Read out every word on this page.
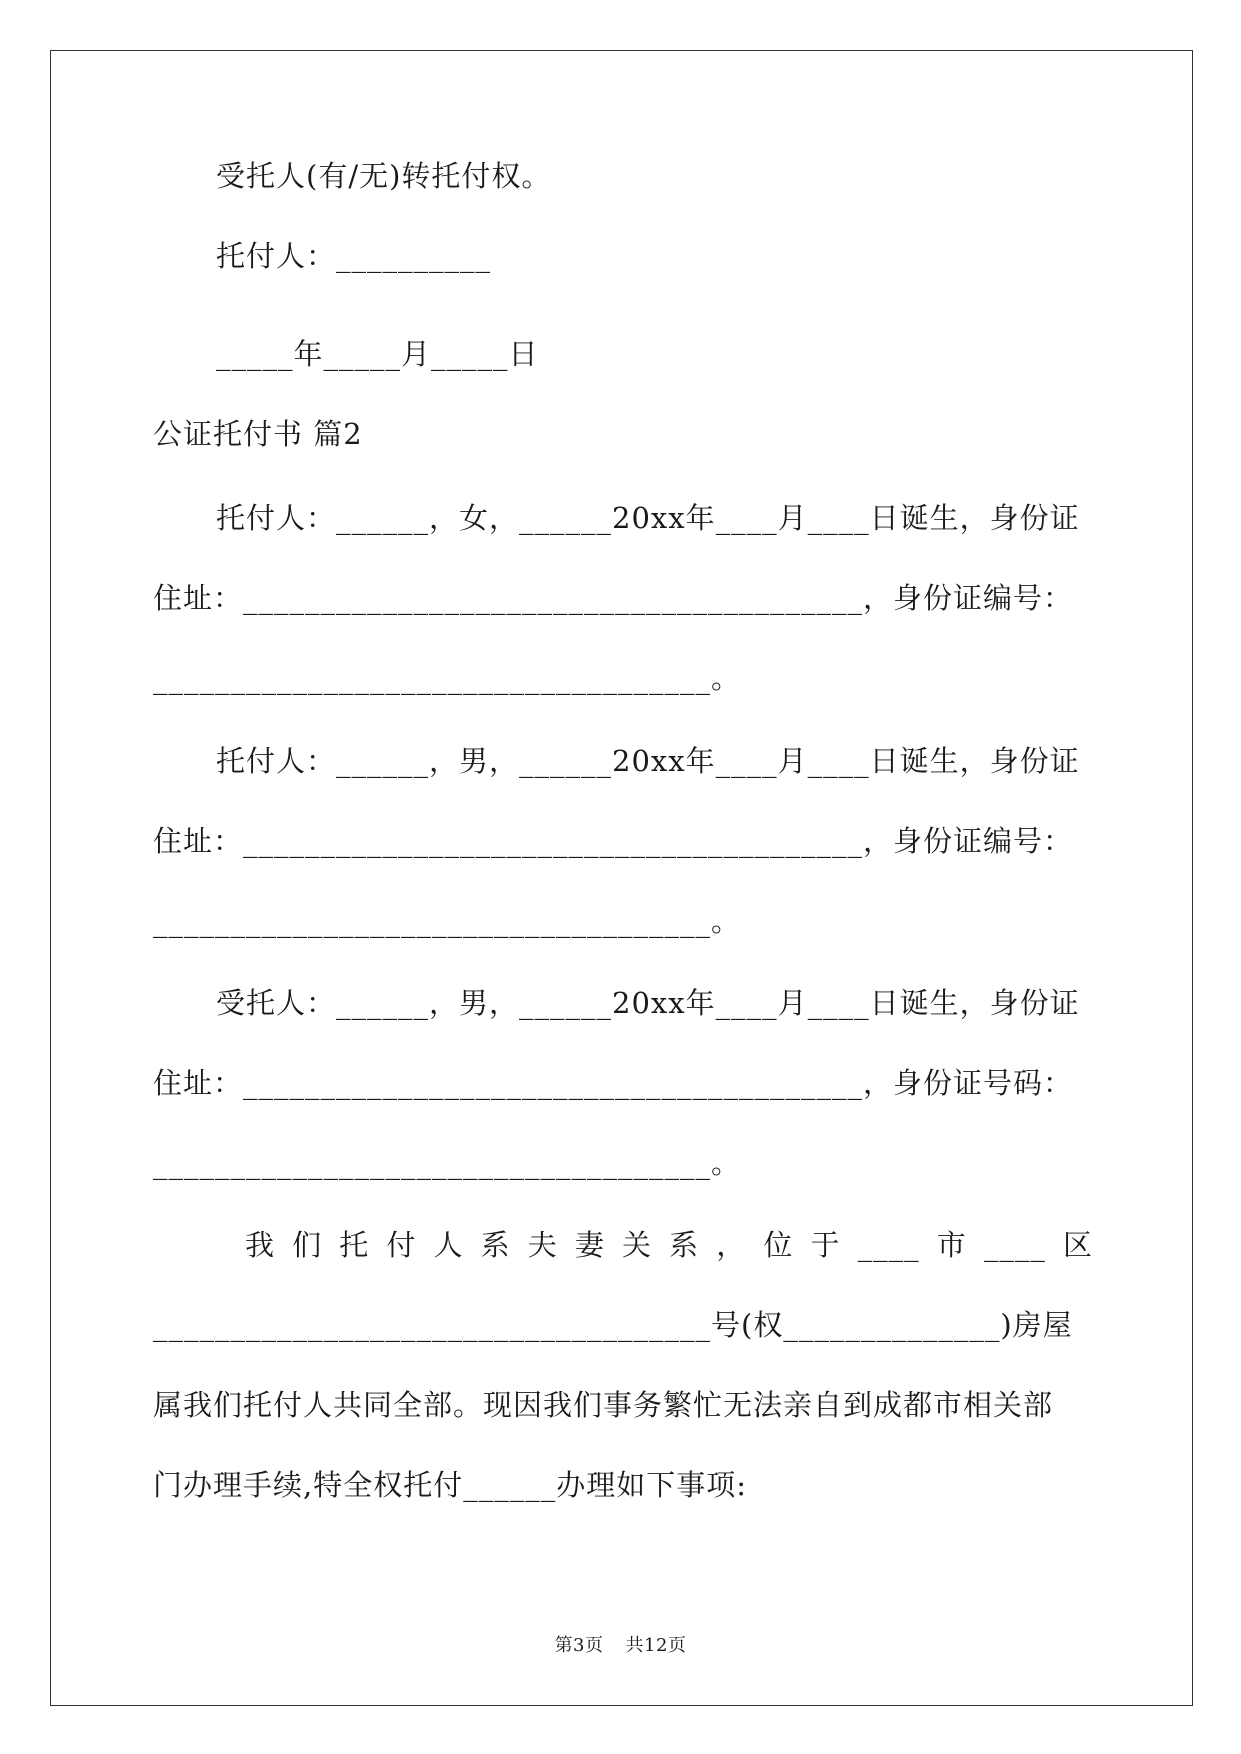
受托人(有/无)转托付权。
托付人：__________
_____年_____月_____日
公证托付书 篇2
托付人：______，女，______20xx年____月____日诞生，身份证
住址：________________________________________，身份证编号：
____________________________________。
托付人：______，男，______20xx年____月____日诞生，身份证
住址：________________________________________，身份证编号：
____________________________________。
受托人：______，男，______20xx年____月____日诞生，身份证
住址：________________________________________，身份证号码：
____________________________________。
我 们 托 付 人 系 夫 妻 关 系 ， 位 于 ____ 市 ____ 区
____________________________________号(权______________)房屋
属我们托付人共同全部。现因我们事务繁忙无法亲自到成都市相关部
门办理手续,特全权托付______办理如下事项:
第3页 共12页
